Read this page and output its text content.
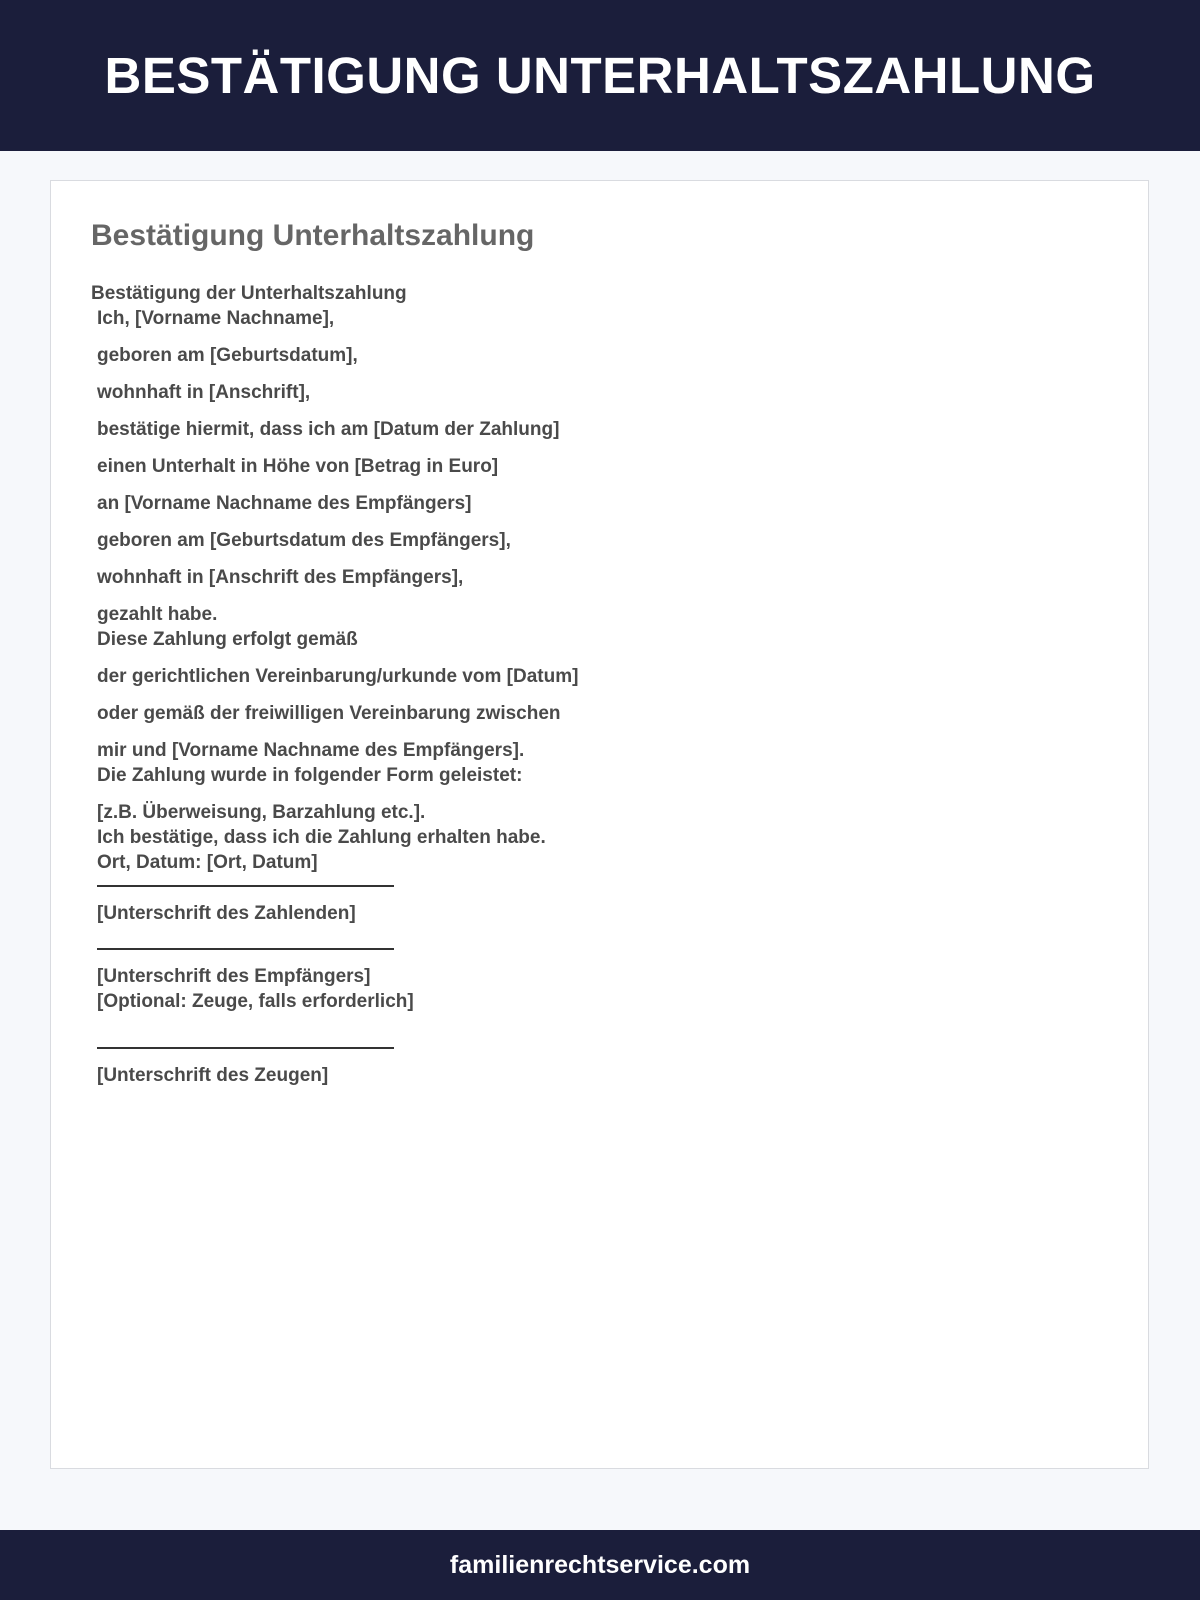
BESTÄTIGUNG UNTERHALTSZAHLUNG
Bestätigung Unterhaltszahlung
Bestätigung der Unterhaltszahlung
Ich, [Vorname Nachname],
geboren am [Geburtsdatum],
wohnhaft in [Anschrift],
bestätige hiermit, dass ich am [Datum der Zahlung]
einen Unterhalt in Höhe von [Betrag in Euro]
an [Vorname Nachname des Empfängers]
geboren am [Geburtsdatum des Empfängers],
wohnhaft in [Anschrift des Empfängers],
gezahlt habe.
Diese Zahlung erfolgt gemäß
der gerichtlichen Vereinbarung/urkunde vom [Datum]
oder gemäß der freiwilligen Vereinbarung zwischen
mir und [Vorname Nachname des Empfängers].
Die Zahlung wurde in folgender Form geleistet:
[z.B. Überweisung, Barzahlung etc.].
Ich bestätige, dass ich die Zahlung erhalten habe.
Ort, Datum: [Ort, Datum]
[Unterschrift des Zahlenden]
[Unterschrift des Empfängers]
[Optional: Zeuge, falls erforderlich]
[Unterschrift des Zeugen]
familienrechtservice.com
